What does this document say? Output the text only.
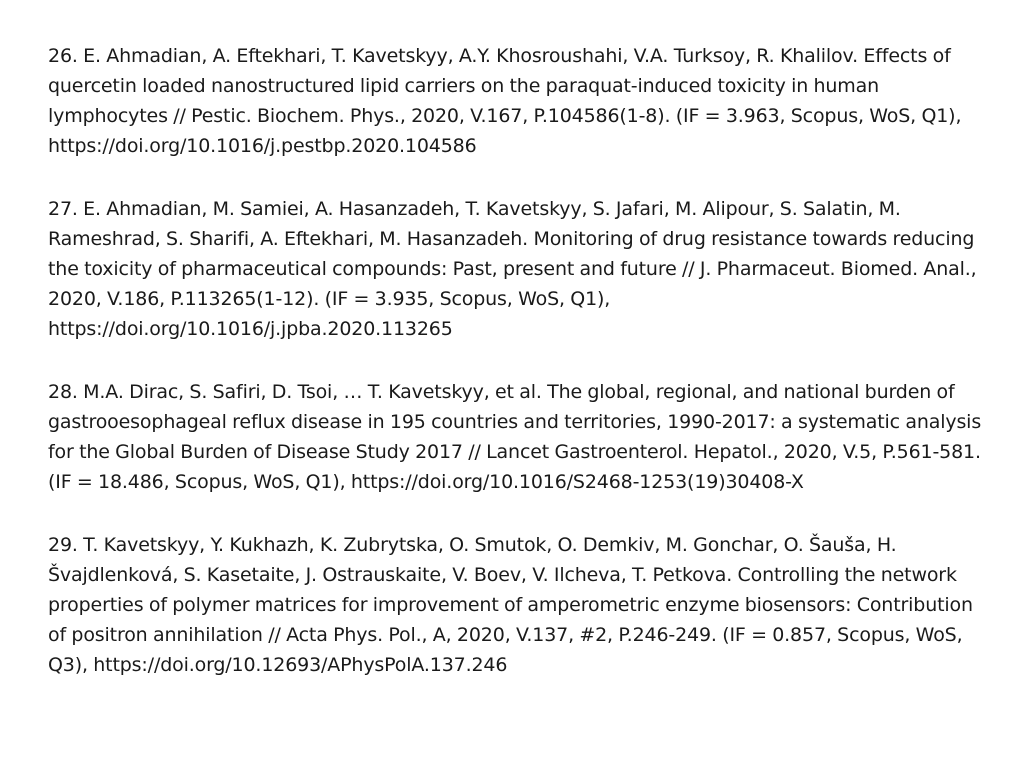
26. E. Ahmadian, A. Eftekhari, T. Kavetskyy, A.Y. Khosroushahi, V.A. Turksoy, R. Khalilov. Effects of quercetin loaded nanostructured lipid carriers on the paraquat-induced toxicity in human lymphocytes // Pestic. Biochem. Phys., 2020, V.167, P.104586(1-8). (IF = 3.963, Scopus, WoS, Q1), https://doi.org/10.1016/j.pestbp.2020.104586
27. E. Ahmadian, M. Samiei, A. Hasanzadeh, T. Kavetskyy, S. Jafari, M. Alipour, S. Salatin, M. Rameshrad, S. Sharifi, A. Eftekhari, M. Hasanzadeh. Monitoring of drug resistance towards reducing the toxicity of pharmaceutical compounds: Past, present and future // J. Pharmaceut. Biomed. Anal., 2020, V.186, P.113265(1-12). (IF = 3.935, Scopus, WoS, Q1), https://doi.org/10.1016/j.jpba.2020.113265
28. M.A. Dirac, S. Safiri, D. Tsoi, … T. Kavetskyy, et al. The global, regional, and national burden of gastrooesophageal reflux disease in 195 countries and territories, 1990-2017: a systematic analysis for the Global Burden of Disease Study 2017 // Lancet Gastroenterol. Hepatol., 2020, V.5, P.561-581. (IF = 18.486, Scopus, WoS, Q1), https://doi.org/10.1016/S2468-1253(19)30408-X
29. T. Kavetskyy, Y. Kukhazh, K. Zubrytska, O. Smutok, O. Demkiv, M. Gonchar, O. Šauša, H. Švajdlenková, S. Kasetaite, J. Ostrauskaite, V. Boev, V. Ilcheva, T. Petkova. Controlling the network properties of polymer matrices for improvement of amperometric enzyme biosensors: Contribution of positron annihilation // Acta Phys. Pol., A, 2020, V.137, #2, P.246-249. (IF = 0.857, Scopus, WoS, Q3), https://doi.org/10.12693/APhysPolA.137.246
